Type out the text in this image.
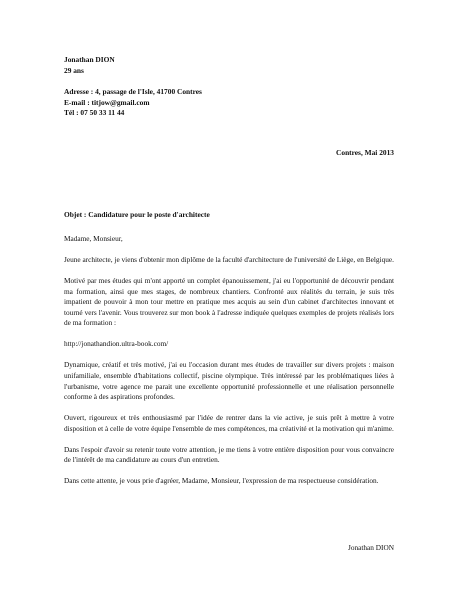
Jonathan DION
29 ans
Adresse : 4, passage de l'Isle, 41700 Contres
E-mail : titjow@gmail.com
Tél : 07 50 33 11 44
Contres, Mai 2013
Objet : Candidature pour le poste d'architecte

Madame, Monsieur,

Jeune architecte, je viens d'obtenir mon diplôme de la faculté d'architecture de l'université de Liège, en Belgique.

Motivé par mes études qui m'ont apporté un complet épanouissement, j'ai eu l'opportunité de découvrir pendant ma formation, ainsi que mes stages, de nombreux chantiers. Confronté aux réalités du terrain, je suis très impatient de pouvoir à mon tour mettre en pratique mes acquis au sein d'un cabinet d'architectes innovant et tourné vers l'avenir. Vous trouverez sur mon book à l'adresse indiquée quelques exemples de projets réalisés lors de ma formation :

http://jonathandion.ultra-book.com/

Dynamique, créatif et très motivé, j'ai eu l'occasion durant mes études de travailler sur divers projets : maison unifamiliale, ensemble d'habitations collectif, piscine olympique. Très intéressé par les problématiques liées à l'urbanisme, votre agence me parait une excellente opportunité professionnelle et une réalisation personnelle conforme à des aspirations profondes.

Ouvert, rigoureux et très enthousiasmé par l'idée de rentrer dans la vie active, je suis prêt à mettre à votre disposition et à celle de votre équipe l'ensemble de mes compétences, ma créativité et la motivation qui m'anime.

Dans l'espoir d'avoir su retenir toute votre attention, je me tiens à votre entière disposition pour vous convaincre de l'intérêt de ma candidature au cours d'un entretien.

Dans cette attente, je vous prie d'agréer, Madame, Monsieur, l'expression de ma respectueuse considération.

Jonathan DION
